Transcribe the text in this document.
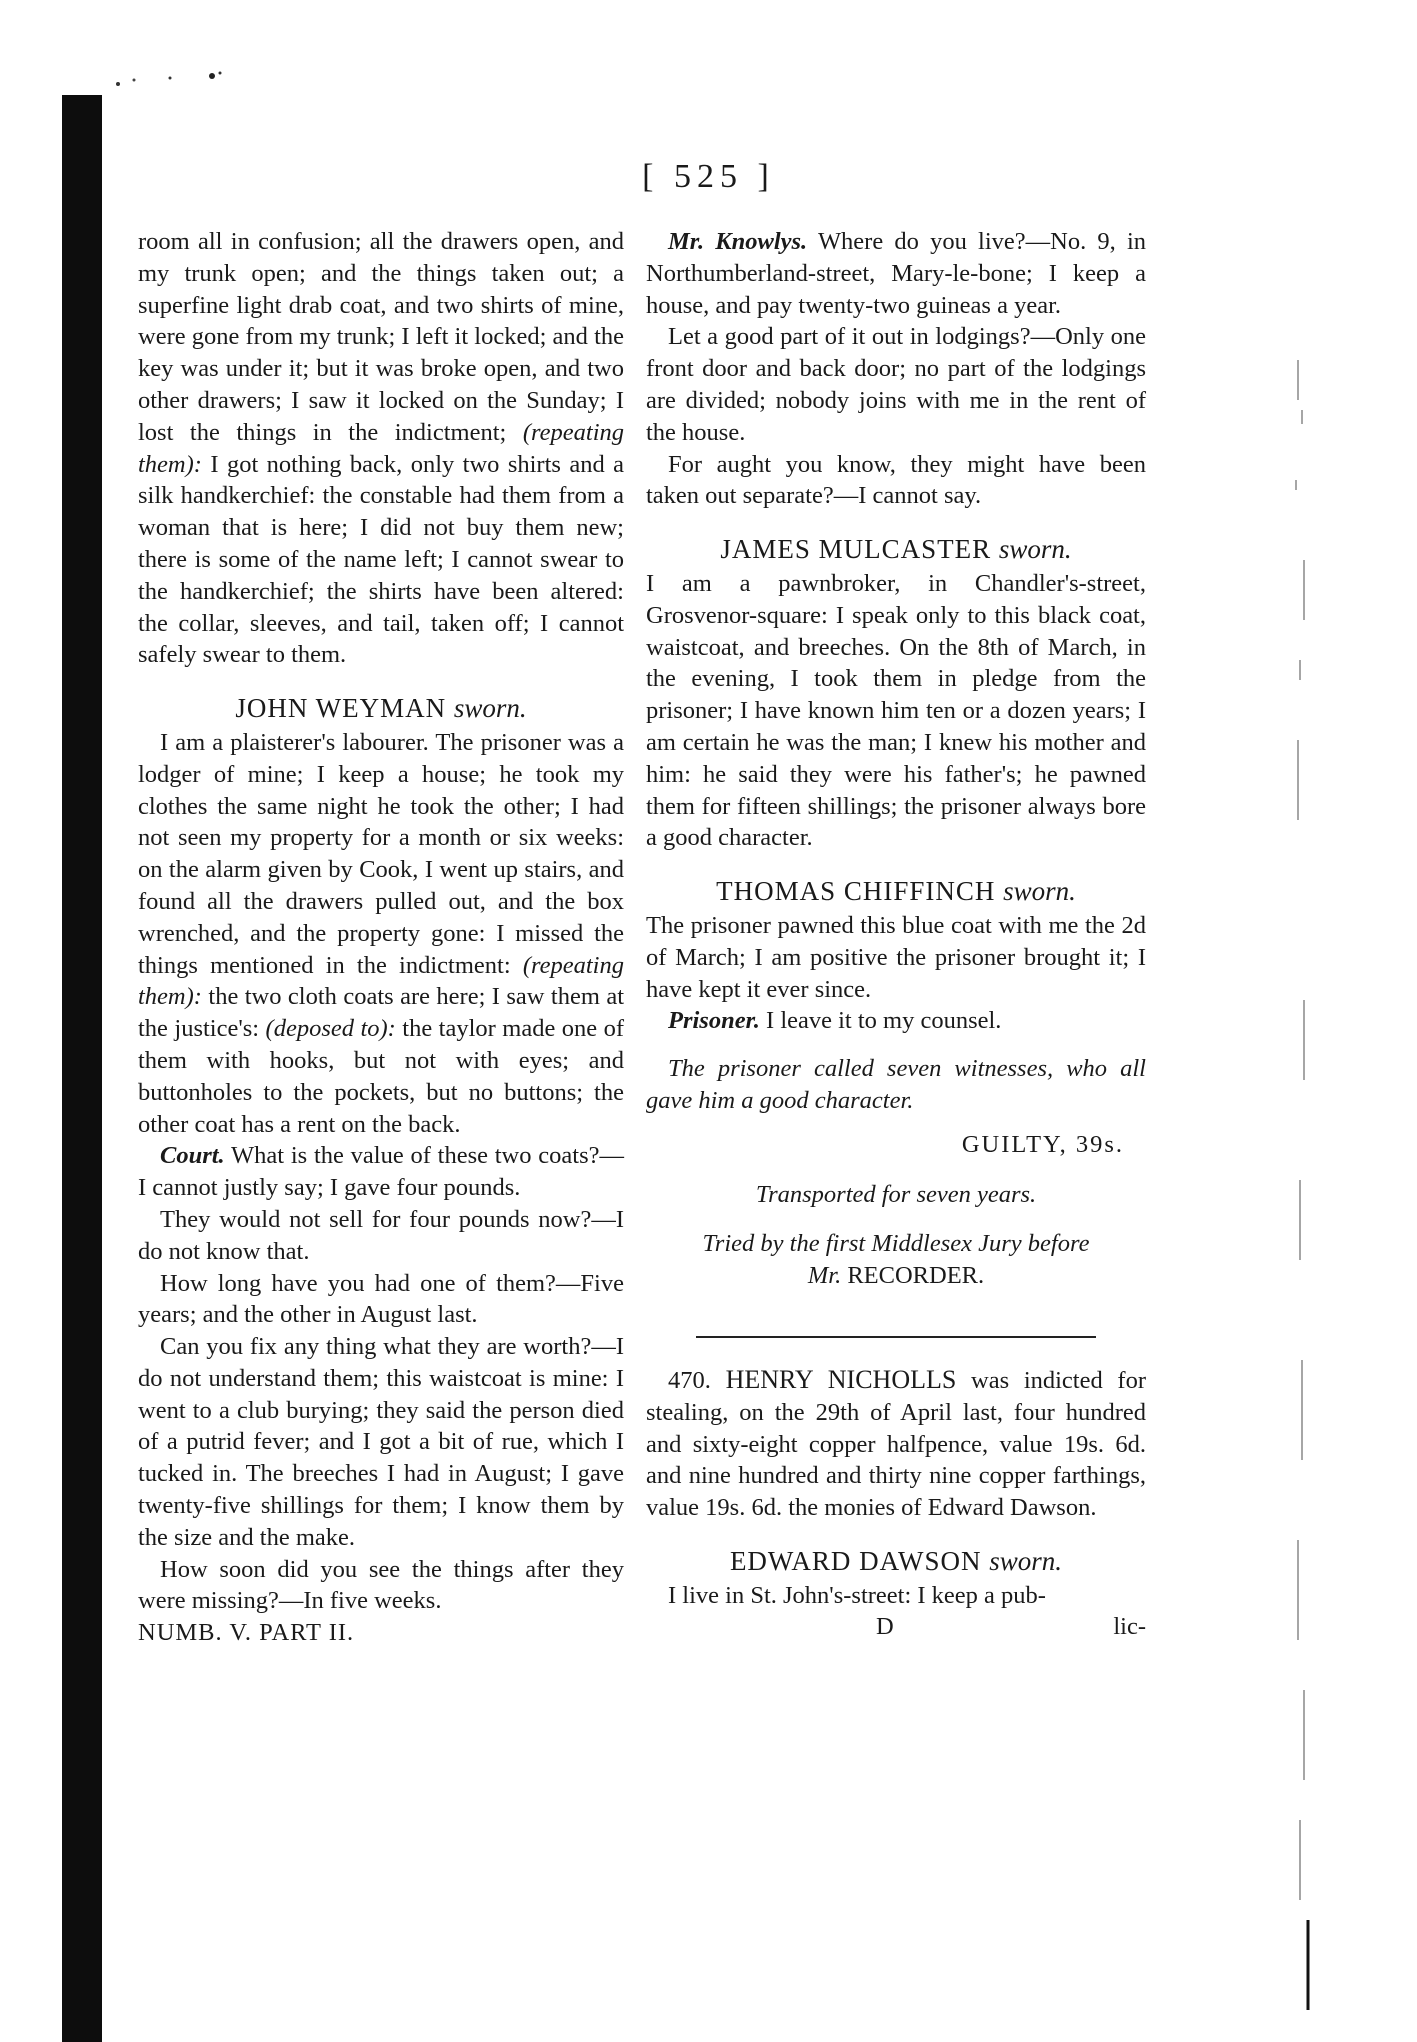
[ 525 ]

room all in confusion; all the drawers open, and my trunk open; and the things taken out; a superfine light drab coat, and two shirts of mine, were gone from my trunk; I left it locked; and the key was under it; but it was broke open, and two other drawers; I saw it locked on the Sunday; I lost the things in the indictment; (repeating them): I got nothing back, only two shirts and a silk handkerchief: the constable had them from a woman that is here; I did not buy them new; there is some of the name left; I cannot swear to the handkerchief; the shirts have been altered: the collar, sleeves, and tail, taken off; I cannot safely swear to them.

JOHN WEYMAN sworn.

I am a plaisterer's labourer. The prisoner was a lodger of mine; I keep a house; he took my clothes the same night he took the other; I had not seen my property for a month or six weeks: on the alarm given by Cook, I went up stairs, and found all the drawers pulled out, and the box wrenched, and the property gone: I missed the things mentioned in the indictment: (repeating them): the two cloth coats are here; I saw them at the justice's: (deposed to): the taylor made one of them with hooks, but not with eyes; and buttonholes to the pockets, but no buttons; the other coat has a rent on the back.

Court. What is the value of these two coats?—I cannot justly say; I gave four pounds.

They would not sell for four pounds now?—I do not know that.

How long have you had one of them?—Five years; and the other in August last.

Can you fix any thing what they are worth?—I do not understand them; this waistcoat is mine: I went to a club burying; they said the person died of a putrid fever; and I got a bit of rue, which I tucked in. The breeches I had in August; I gave twenty-five shillings for them; I know them by the size and the make.

How soon did you see the things after they were missing?—In five weeks.

NUMB. V. PART II.

Mr. Knowlys. Where do you live?—No. 9, in Northumberland-street, Mary-le-bone; I keep a house, and pay twenty-two guineas a year.

Let a good part of it out in lodgings?—Only one front door and back door; no part of the lodgings are divided; nobody joins with me in the rent of the house.

For aught you know, they might have been taken out separate?—I cannot say.

JAMES MULCASTER sworn.

I am a pawnbroker, in Chandler's-street, Grosvenor-square: I speak only to this black coat, waistcoat, and breeches. On the 8th of March, in the evening, I took them in pledge from the prisoner; I have known him ten or a dozen years; I am certain he was the man; I knew his mother and him: he said they were his father's; he pawned them for fifteen shillings; the prisoner always bore a good character.

THOMAS CHIFFINCH sworn.

The prisoner pawned this blue coat with me the 2d of March; I am positive the prisoner brought it; I have kept it ever since.

Prisoner. I leave it to my counsel.

The prisoner called seven witnesses, who all gave him a good character.

GUILTY, 39s.

Transported for seven years.

Tried by the first Middlesex Jury before
Mr. RECORDER.

470. HENRY NICHOLLS was indicted for stealing, on the 29th of April last, four hundred and sixty-eight copper halfpence, value 19s. 6d. and nine hundred and thirty nine copper farthings, value 19s. 6d. the monies of Edward Dawson.

EDWARD DAWSON sworn.

I live in St. John's-street: I keep a pub-

D	lic-
